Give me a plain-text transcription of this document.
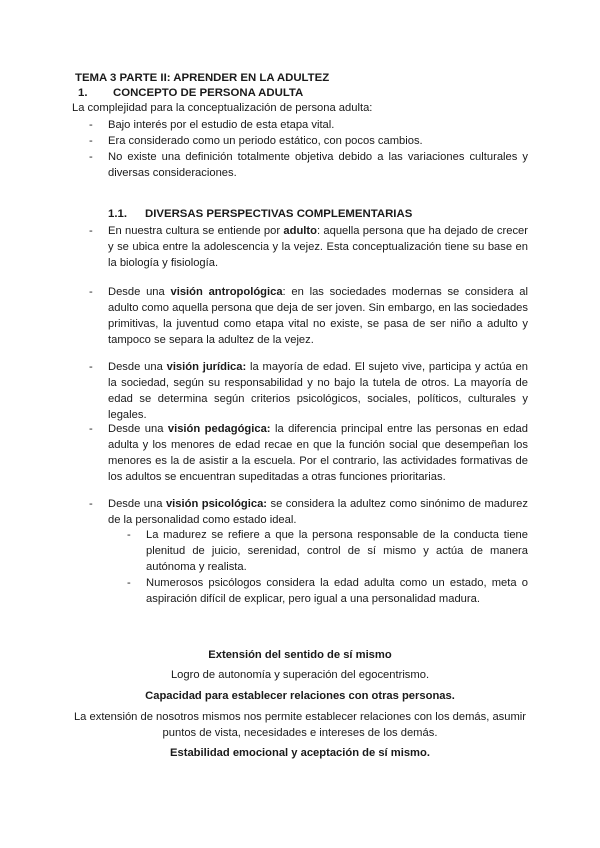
TEMA 3 PARTE II: APRENDER EN LA ADULTEZ
1. CONCEPTO DE PERSONA ADULTA
La complejidad para la conceptualización de persona adulta:
- Bajo interés por el estudio de esta etapa vital.
- Era considerado como un periodo estático, con pocos cambios.
- No existe una definición totalmente objetiva debido a las variaciones culturales y diversas consideraciones.
1.1. DIVERSAS PERSPECTIVAS COMPLEMENTARIAS

- En nuestra cultura se entiende por adulto: aquella persona que ha dejado de crecer y se ubica entre la adolescencia y la vejez. Esta conceptualización tiene su base en la biología y fisiología.

- Desde una visión antropológica: en las sociedades modernas se considera al adulto como aquella persona que deja de ser joven. Sin embargo, en las sociedades primitivas, la juventud como etapa vital no existe, se pasa de ser niño a adulto y tampoco se separa la adultez de la vejez.

- Desde una visión jurídica: la mayoría de edad. El sujeto vive, participa y actúa en la sociedad, según su responsabilidad y no bajo la tutela de otros. La mayoría de edad se determina según criterios psicológicos, sociales, políticos, culturales y legales.

- Desde una visión pedagógica: la diferencia principal entre las personas en edad adulta y los menores de edad recae en que la función social que desempeñan los menores es la de asistir a la escuela. Por el contrario, las actividades formativas de los adultos se encuentran supeditadas a otras funciones prioritarias.

- Desde una visión psicológica: se considera la adultez como sinónimo de madurez de la personalidad como estado ideal.

- La madurez se refiere a que la persona responsable de la conducta tiene plenitud de juicio, serenidad, control de sí mismo y actúa de manera autónoma y realista.
- Numerosos psicólogos considera la edad adulta como un estado, meta o aspiración difícil de explicar, pero igual a una personalidad madura.
Extensión del sentido de sí mismo
Logro de autonomía y superación del egocentrismo.
Capacidad para establecer relaciones con otras personas.
La extensión de nosotros mismos nos permite establecer relaciones con los demás, asumir puntos de vista, necesidades e intereses de los demás.
Estabilidad emocional y aceptación de sí mismo.
